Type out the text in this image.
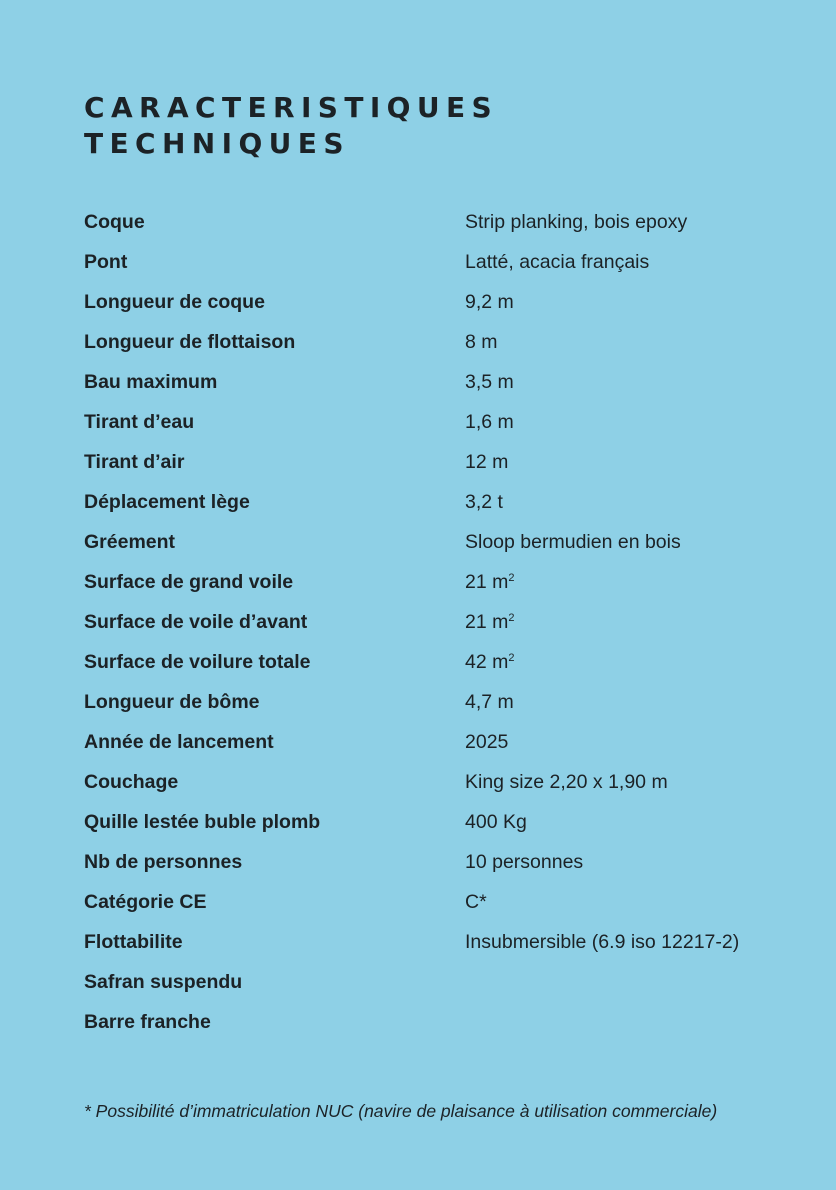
CARACTERISTIQUES
TECHNIQUES
Coque	Strip planking, bois epoxy
Pont	Latté, acacia français
Longueur de coque	9,2 m
Longueur de flottaison	8 m
Bau maximum	3,5 m
Tirant d’eau	1,6 m
Tirant d’air	12 m
Déplacement lège	3,2 t
Gréement	Sloop bermudien en bois
Surface de grand voile	21 $m^2$
Surface de voile d’avant	21 $m^2$
Surface de voilure totale	42 $m^2$
Longueur de bôme	4,7 m
Année de lancement	2025
Couchage	King size 2,20 x 1,90 m
Quille lestée buble plomb	400 Kg
Nb de personnes	10 personnes
Catégorie CE	C*
Flottabilite	Insubmersible (6.9 iso 12217-2)
Safran suspendu
Barre franche

* Possibilité d’immatriculation NUC (navire de plaisance à utilisation commerciale)
